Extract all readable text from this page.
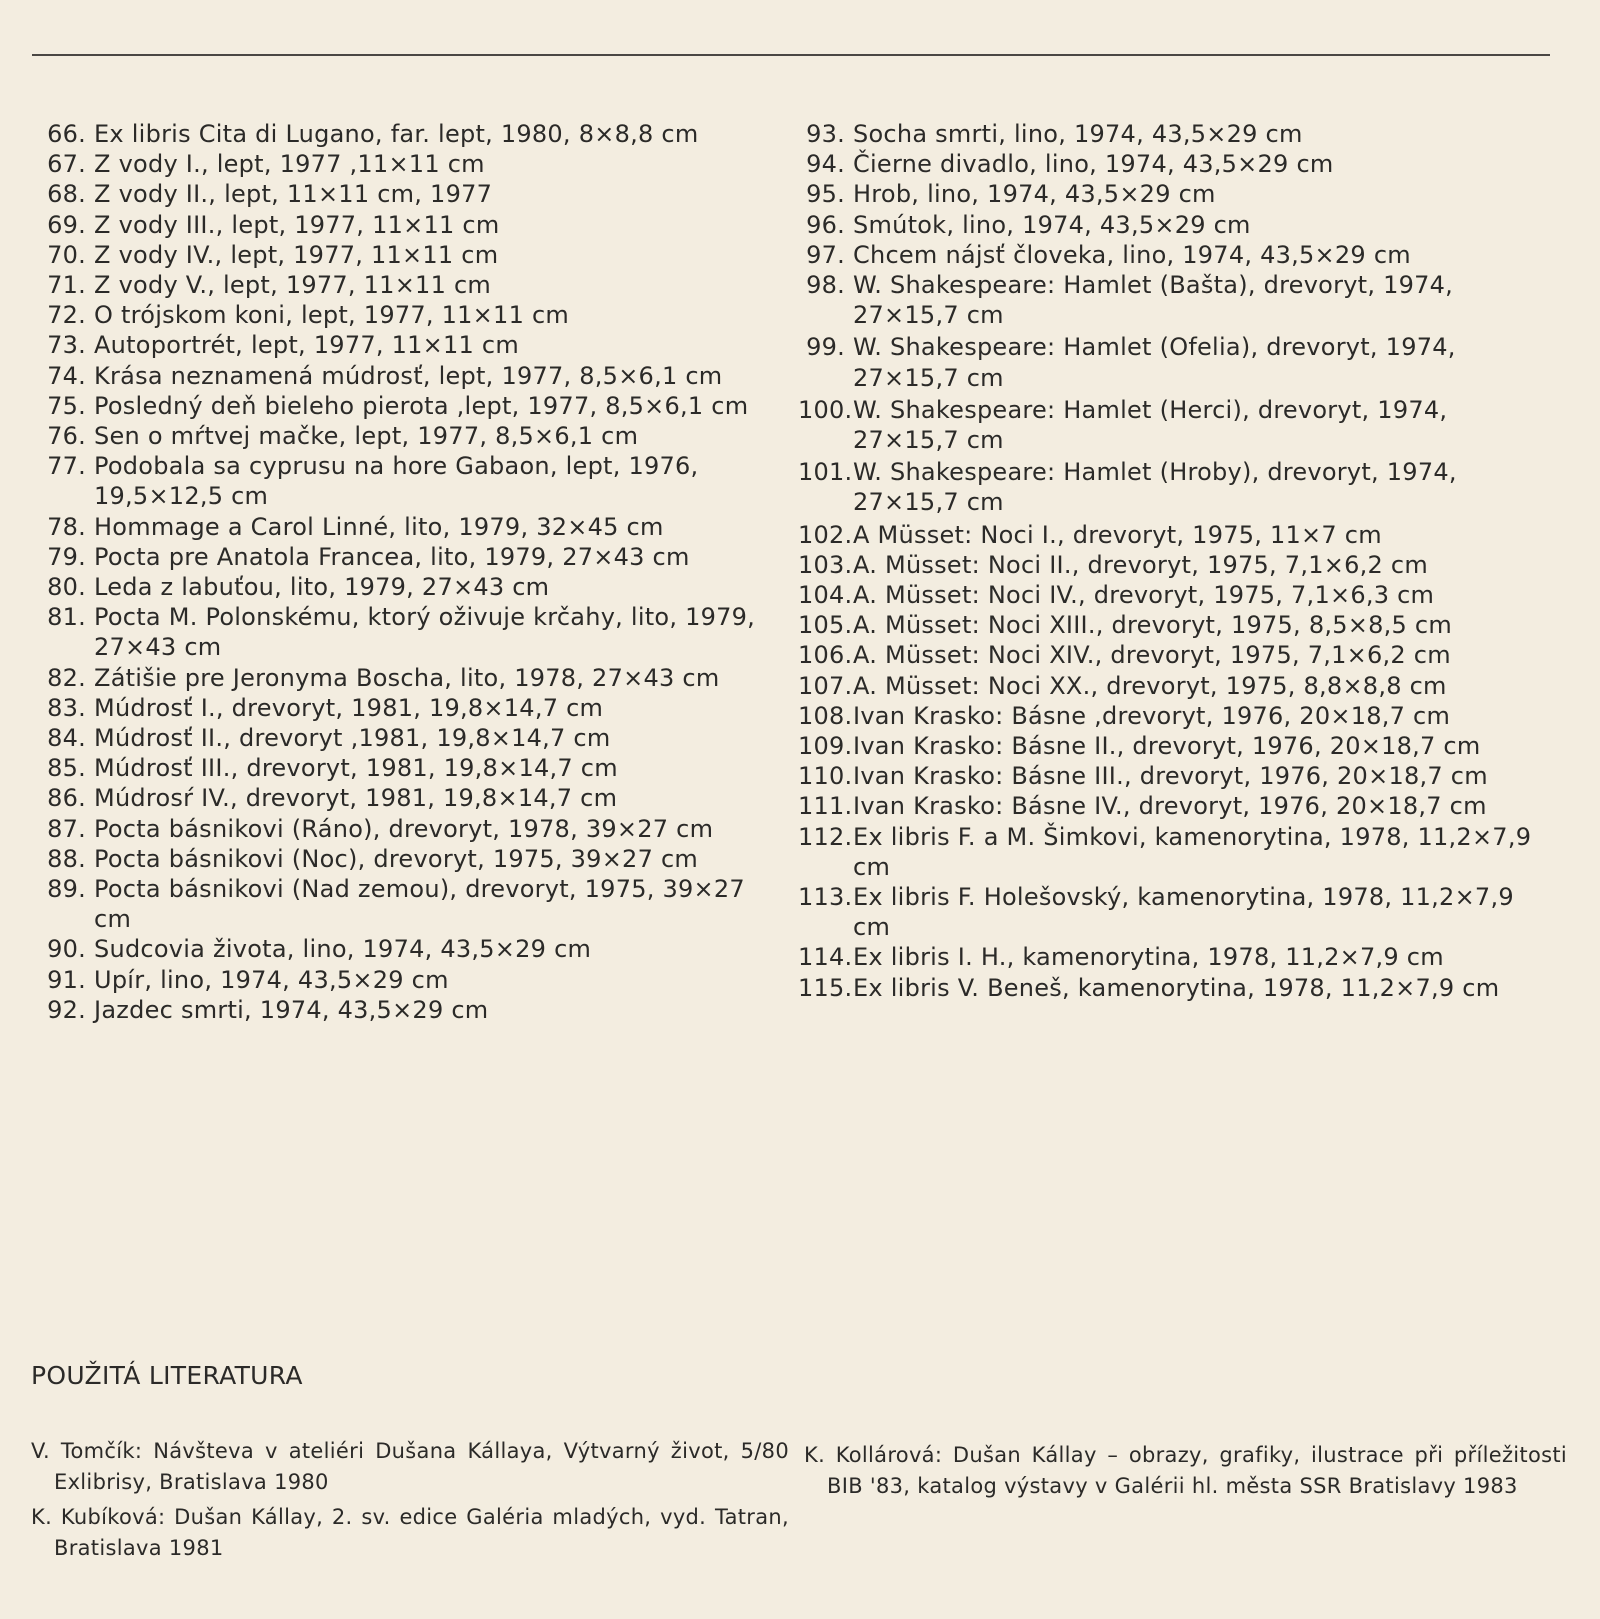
66. Ex libris Cita di Lugano, far. lept, 1980, 8×8,8 cm
67. Z vody I., lept, 1977 ,11×11 cm
68. Z vody II., lept, 11×11 cm, 1977
69. Z vody III., lept, 1977, 11×11 cm
70. Z vody IV., lept, 1977, 11×11 cm
71. Z vody V., lept, 1977, 11×11 cm
72. O trójskom koni, lept, 1977, 11×11 cm
73. Autoportrét, lept, 1977, 11×11 cm
74. Krása neznamená múdrosť, lept, 1977, 8,5×6,1 cm
75. Posledný deň bieleho pierota ,lept, 1977, 8,5×6,1 cm
76. Sen o mŕtvej mačke, lept, 1977, 8,5×6,1 cm
77. Podobala sa cyprusu na hore Gabaon, lept, 1976, 19,5×12,5 cm
78. Hommage a Carol Linné, lito, 1979, 32×45 cm
79. Pocta pre Anatola Francea, lito, 1979, 27×43 cm
80. Leda z labuťou, lito, 1979, 27×43 cm
81. Pocta M. Polonskému, ktorý oživuje krčahy, lito, 1979, 27×43 cm
82. Zátišie pre Jeronyma Boscha, lito, 1978, 27×43 cm
83. Múdrosť I., drevoryt, 1981, 19,8×14,7 cm
84. Múdrosť II., drevoryt ,1981, 19,8×14,7 cm
85. Múdrosť III., drevoryt, 1981, 19,8×14,7 cm
86. Múdrosŕ IV., drevoryt, 1981, 19,8×14,7 cm
87. Pocta básnikovi (Ráno), drevoryt, 1978, 39×27 cm
88. Pocta básnikovi (Noc), drevoryt, 1975, 39×27 cm
89. Pocta básnikovi (Nad zemou), drevoryt, 1975, 39×27 cm
90. Sudcovia života, lino, 1974, 43,5×29 cm
91. Upír, lino, 1974, 43,5×29 cm
92. Jazdec smrti, 1974, 43,5×29 cm
93. Socha smrti, lino, 1974, 43,5×29 cm
94. Čierne divadlo, lino, 1974, 43,5×29 cm
95. Hrob, lino, 1974, 43,5×29 cm
96. Smútok, lino, 1974, 43,5×29 cm
97. Chcem nájsť človeka, lino, 1974, 43,5×29 cm
98. W. Shakespeare: Hamlet (Bašta), drevoryt, 1974, 27×15,7 cm
99. W. Shakespeare: Hamlet (Ofelia), drevoryt, 1974, 27×15,7 cm
100. W. Shakespeare: Hamlet (Herci), drevoryt, 1974, 27×15,7 cm
101. W. Shakespeare: Hamlet (Hroby), drevoryt, 1974, 27×15,7 cm
102. A Müsset: Noci I., drevoryt, 1975, 11×7 cm
103. A. Müsset: Noci II., drevoryt, 1975, 7,1×6,2 cm
104. A. Müsset: Noci IV., drevoryt, 1975, 7,1×6,3 cm
105. A. Müsset: Noci XIII., drevoryt, 1975, 8,5×8,5 cm
106. A. Müsset: Noci XIV., drevoryt, 1975, 7,1×6,2 cm
107. A. Müsset: Noci XX., drevoryt, 1975, 8,8×8,8 cm
108. Ivan Krasko: Básne ,drevoryt, 1976, 20×18,7 cm
109. Ivan Krasko: Básne II., drevoryt, 1976, 20×18,7 cm
110. Ivan Krasko: Básne III., drevoryt, 1976, 20×18,7 cm
111. Ivan Krasko: Básne IV., drevoryt, 1976, 20×18,7 cm
112. Ex libris F. a M. Šimkovi, kamenorytina, 1978, 11,2×7,9 cm
113. Ex libris F. Holešovský, kamenorytina, 1978, 11,2×7,9 cm
114. Ex libris I. H., kamenorytina, 1978, 11,2×7,9 cm
115. Ex libris V. Beneš, kamenorytina, 1978, 11,2×7,9 cm
POUŽITÁ LITERATURA

V. Tomčík: Návšteva v ateliéri Dušana Kállaya, Výtvarný život, 5/80 Exlibrisy, Bratislava 1980

K. Kubíková: Dušan Kállay, 2. sv. edice Galéria mladých, vyd. Tatran, Bratislava 1981

K. Kollárová: Dušan Kállay – obrazy, grafiky, ilustrace při příležitosti BIB '83, katalog výstavy v Galérii hl. města SSR Bratislavy 1983
